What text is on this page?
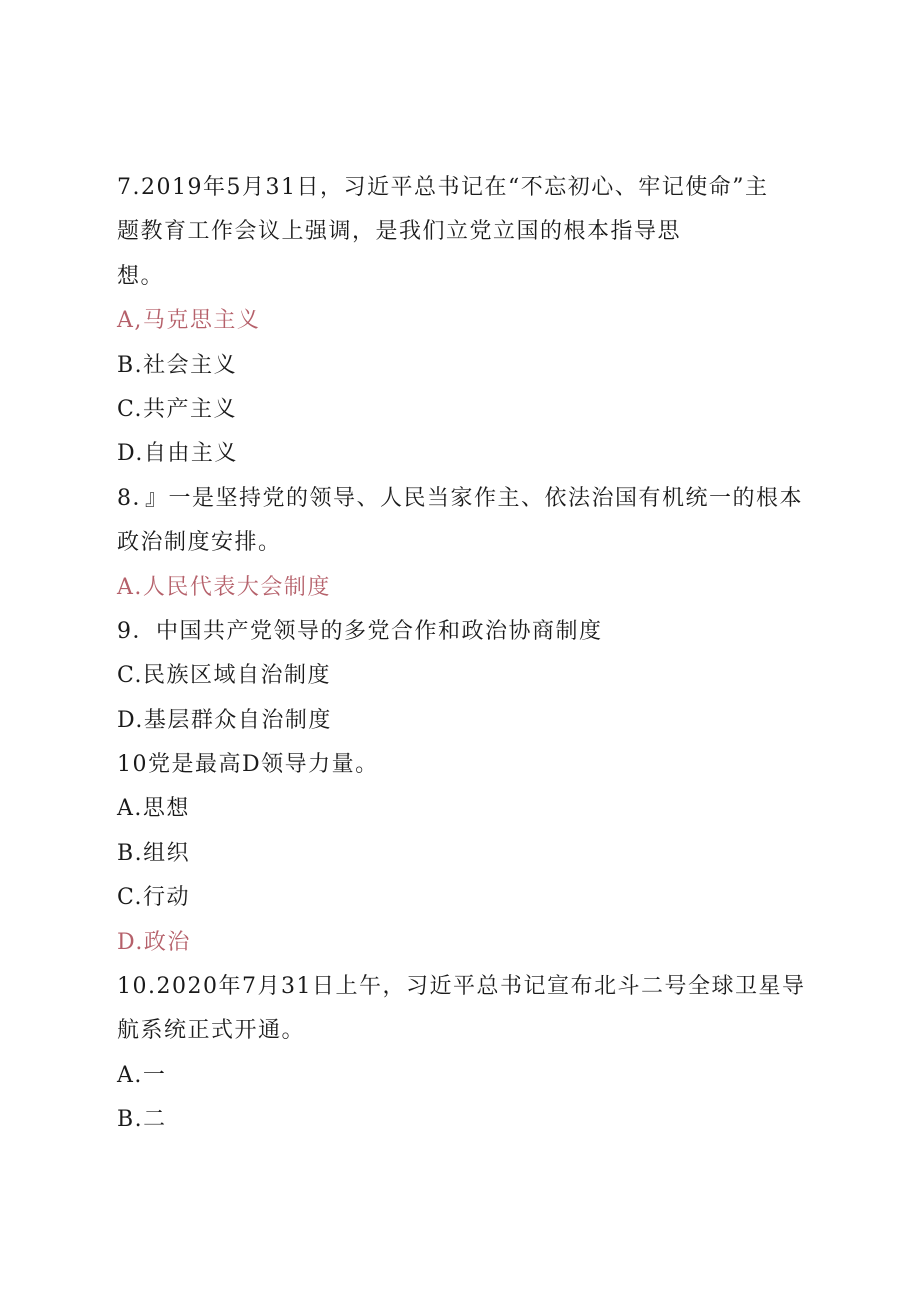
7.2019年5月31日，习近平总书记在“不忘初心、牢记使命”主
题教育工作会议上强调，是我们立党立国的根本指导思
想。
A,马克思主义
B.社会主义
C.共产主义
D.自由主义
8．』一是坚持党的领导、人民当家作主、依法治国有机统一的根本
政治制度安排。
A.人民代表大会制度
9．中国共产党领导的多党合作和政治协商制度
C.民族区域自治制度
D.基层群众自治制度
10党是最高D领导力量。
A.思想
B.组织
C.行动
D.政治
10.2020年7月31日上午，习近平总书记宣布北斗二号全球卫星导
航系统正式开通。
A.一
B.二
